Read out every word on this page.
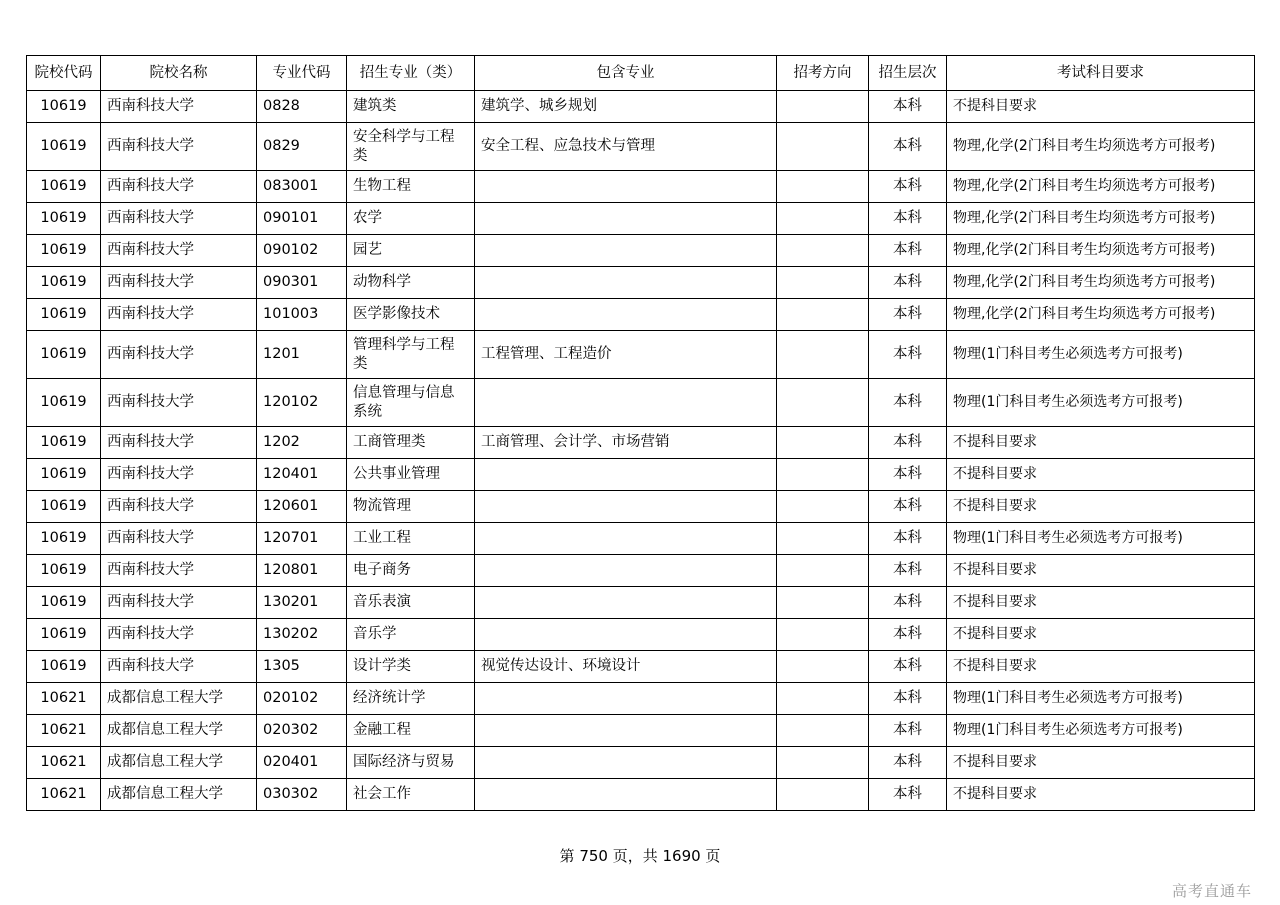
院校代码	院校名称	专业代码	招生专业（类）	包含专业	招考方向	招生层次	考试科目要求
10619	西南科技大学	0828	建筑类	建筑学、城乡规划		本科	不提科目要求
10619	西南科技大学	0829	安全科学与工程类	安全工程、应急技术与管理		本科	物理,化学(2门科目考生均须选考方可报考)
10619	西南科技大学	083001	生物工程			本科	物理,化学(2门科目考生均须选考方可报考)
10619	西南科技大学	090101	农学			本科	物理,化学(2门科目考生均须选考方可报考)
10619	西南科技大学	090102	园艺			本科	物理,化学(2门科目考生均须选考方可报考)
10619	西南科技大学	090301	动物科学			本科	物理,化学(2门科目考生均须选考方可报考)
10619	西南科技大学	101003	医学影像技术			本科	物理,化学(2门科目考生均须选考方可报考)
10619	西南科技大学	1201	管理科学与工程类	工程管理、工程造价		本科	物理(1门科目考生必须选考方可报考)
10619	西南科技大学	120102	信息管理与信息系统			本科	物理(1门科目考生必须选考方可报考)
10619	西南科技大学	1202	工商管理类	工商管理、会计学、市场营销		本科	不提科目要求
10619	西南科技大学	120401	公共事业管理			本科	不提科目要求
10619	西南科技大学	120601	物流管理			本科	不提科目要求
10619	西南科技大学	120701	工业工程			本科	物理(1门科目考生必须选考方可报考)
10619	西南科技大学	120801	电子商务			本科	不提科目要求
10619	西南科技大学	130201	音乐表演			本科	不提科目要求
10619	西南科技大学	130202	音乐学			本科	不提科目要求
10619	西南科技大学	1305	设计学类	视觉传达设计、环境设计		本科	不提科目要求
10621	成都信息工程大学	020102	经济统计学			本科	物理(1门科目考生必须选考方可报考)
10621	成都信息工程大学	020302	金融工程			本科	物理(1门科目考生必须选考方可报考)
10621	成都信息工程大学	020401	国际经济与贸易			本科	不提科目要求
10621	成都信息工程大学	030302	社会工作			本科	不提科目要求
第 750 页，共 1690 页
高考直通车
